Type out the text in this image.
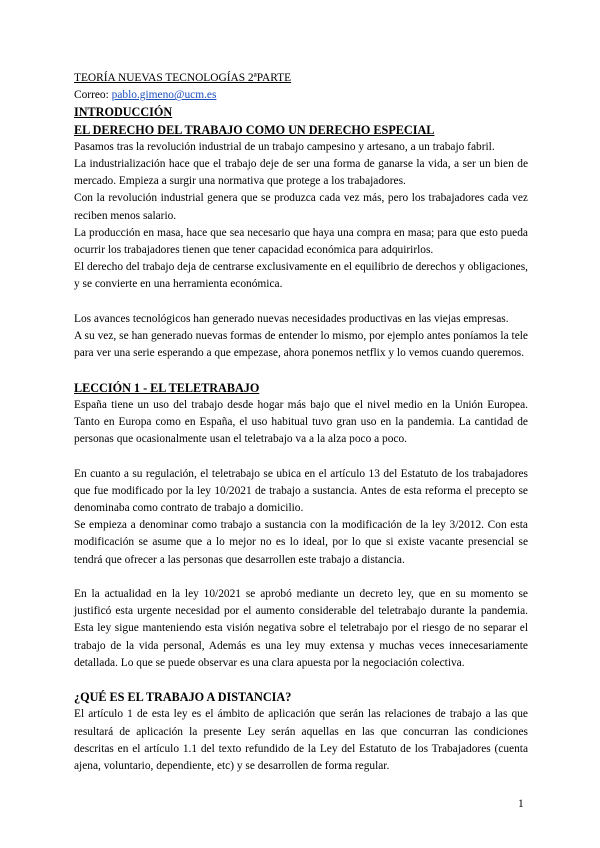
TEORÍA NUEVAS TECNOLOGÍAS 2ªPARTE
Correo: pablo.gimeno@ucm.es

INTRODUCCIÓN

EL DERECHO DEL TRABAJO COMO UN DERECHO ESPECIAL

Pasamos tras la revolución industrial de un trabajo campesino y artesano, a un trabajo fabril.

La industrialización hace que el trabajo deje de ser una forma de ganarse la vida, a ser un bien de mercado. Empieza a surgir una normativa que protege a los trabajadores.

Con la revolución industrial genera que se produzca cada vez más, pero los trabajadores cada vez reciben menos salario.

La producción en masa, hace que sea necesario que haya una compra en masa; para que esto pueda ocurrir los trabajadores tienen que tener capacidad económica para adquirirlos.

El derecho del trabajo deja de centrarse exclusivamente en el equilibrio de derechos y obligaciones, y se convierte en una herramienta económica.

Los avances tecnológicos han generado nuevas necesidades productivas en las viejas empresas.

A su vez, se han generado nuevas formas de entender lo mismo, por ejemplo antes poníamos la tele para ver una serie esperando a que empezase, ahora ponemos netflix y lo vemos cuando queremos.

LECCIÓN 1 - EL TELETRABAJO

España tiene un uso del trabajo desde hogar más bajo que el nivel medio en la Unión Europea. Tanto en Europa como en España, el uso habitual tuvo gran uso en la pandemia. La cantidad de personas que ocasionalmente usan el teletrabajo va a la alza poco a poco.

En cuanto a su regulación, el teletrabajo se ubica en el artículo 13 del Estatuto de los trabajadores que fue modificado por la ley 10/2021 de trabajo a sustancia. Antes de esta reforma el precepto se denominaba como contrato de trabajo a domicilio.

Se empieza a denominar como trabajo a sustancia con la modificación de la ley 3/2012. Con esta modificación se asume que a lo mejor no es lo ideal, por lo que si existe vacante presencial se tendrá que ofrecer a las personas que desarrollen este trabajo a distancia.

En la actualidad en la ley 10/2021 se aprobó mediante un decreto ley, que en su momento se justificó esta urgente necesidad por el aumento considerable del teletrabajo durante la pandemia. Esta ley sigue manteniendo esta visión negativa sobre el teletrabajo por el riesgo de no separar el trabajo de la vida personal, Además es una ley muy extensa y muchas veces innecesariamente detallada. Lo que se puede observar es una clara apuesta por la negociación colectiva.

¿QUÉ ES EL TRABAJO A DISTANCIA?

El artículo 1 de esta ley es el ámbito de aplicación que serán las relaciones de trabajo a las que resultará de aplicación la presente Ley serán aquellas en las que concurran las condiciones descritas en el artículo 1.1 del texto refundido de la Ley del Estatuto de los Trabajadores (cuenta ajena, voluntario, dependiente, etc) y se desarrollen de forma regular.

1
